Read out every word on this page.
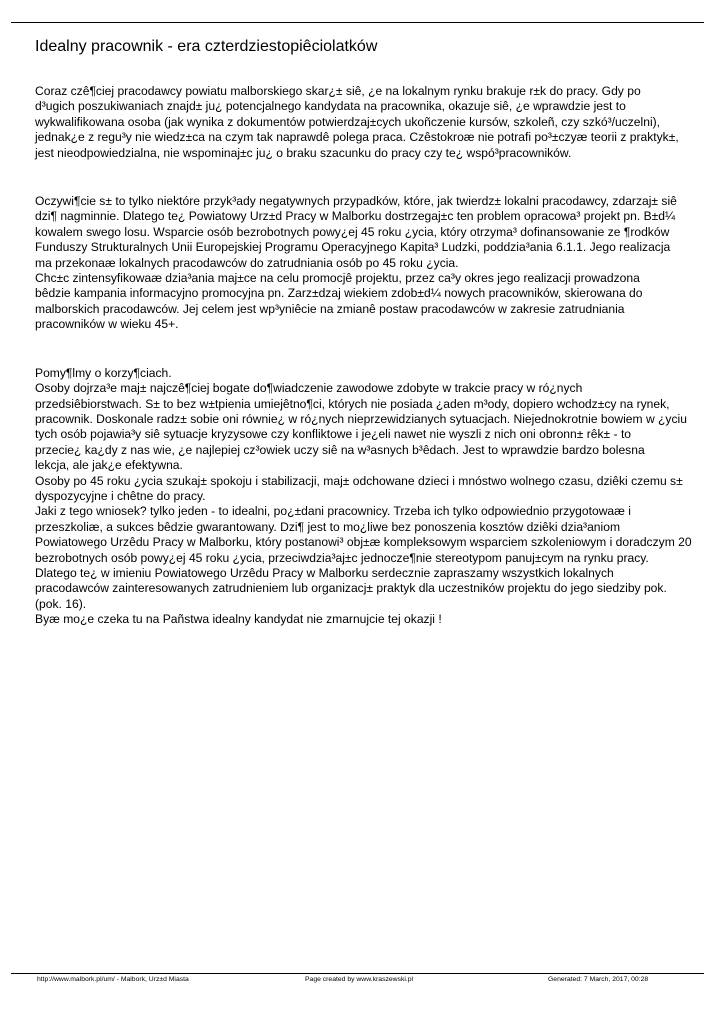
Idealny pracownik - era czterdziestopiêciolatków
Coraz czê¶ciej pracodawcy powiatu malborskiego skar¿± siê, ¿e na lokalnym rynku brakuje r±k do pracy. Gdy po
d³ugich poszukiwaniach znajd± ju¿ potencjalnego kandydata na pracownika, okazuje siê, ¿e wprawdzie jest to
wykwalifikowana osoba (jak wynika z dokumentów potwierdzaj±cych ukoñczenie kursów, szkoleñ, czy szkó³/uczelni),
jednak¿e z regu³y nie wiedz±ca na czym tak naprawdê polega praca. Czêstokroæ nie potrafi po³±czyæ teorii z praktyk±,
jest nieodpowiedzialna, nie wspominaj±c ju¿ o braku szacunku do pracy czy te¿ wspó³pracowników.
Oczywi¶cie s± to tylko niektóre przyk³ady negatywnych przypadków, które, jak twierdz± lokalni pracodawcy, zdarzaj± siê
dzi¶ nagminnie. Dlatego te¿ Powiatowy Urz±d Pracy w Malborku dostrzegaj±c ten problem opracowa³ projekt pn. B±d¼
kowalem swego losu. Wsparcie osób bezrobotnych powy¿ej 45 roku ¿ycia, który otrzyma³ dofinansowanie ze ¶rodków
Funduszy Strukturalnych Unii Europejskiej Programu Operacyjnego Kapita³ Ludzki, poddzia³ania 6.1.1. Jego realizacja
ma przekonaæ lokalnych pracodawców do zatrudniania osób po 45 roku ¿ycia.
Chc±c zintensyfikowaæ dzia³ania maj±ce na celu promocjê projektu, przez ca³y okres jego realizacji prowadzona
bêdzie kampania informacyjno promocyjna pn. Zarz±dzaj wiekiem zdob±d¼ nowych pracowników, skierowana do
malborskich pracodawców. Jej celem jest wp³yniêcie na zmianê postaw pracodawców w zakresie zatrudniania
pracowników w wieku 45+.
Pomy¶lmy o korzy¶ciach.
Osoby dojrza³e maj± najczê¶ciej bogate do¶wiadczenie zawodowe zdobyte w trakcie pracy w ró¿nych
przedsiêbiorstwach. S± to bez w±tpienia umiejêtno¶ci, których nie posiada ¿aden m³ody, dopiero wchodz±cy na rynek,
pracownik. Doskonale radz± sobie oni równie¿ w ró¿nych nieprzewidzianych sytuacjach. Niejednokrotnie bowiem w ¿yciu
tych osób pojawia³y siê sytuacje kryzysowe czy konfliktowe i je¿eli nawet nie wyszli z nich oni obronn± rêk± - to
przecie¿ ka¿dy z nas wie, ¿e najlepiej cz³owiek uczy siê na w³asnych b³êdach. Jest to wprawdzie bardzo bolesna
lekcja, ale jak¿e efektywna.
Osoby po 45 roku ¿ycia szukaj± spokoju i stabilizacji, maj± odchowane dzieci i mnóstwo wolnego czasu, dziêki czemu s±
dyspozycyjne i chêtne do pracy.
Jaki z tego wniosek? tylko jeden - to idealni, po¿±dani pracownicy. Trzeba ich tylko odpowiednio przygotowaæ i
przeszkoliæ, a sukces bêdzie gwarantowany. Dzi¶ jest to mo¿liwe bez ponoszenia kosztów dziêki dzia³aniom
Powiatowego Urzêdu Pracy w Malborku, który postanowi³ obj±æ kompleksowym wsparciem szkoleniowym i doradczym 20
bezrobotnych osób powy¿ej 45 roku ¿ycia, przeciwdzia³aj±c jednocze¶nie stereotypom panuj±cym na rynku pracy.
Dlatego te¿ w imieniu Powiatowego Urzêdu Pracy w Malborku serdecznie zapraszamy wszystkich lokalnych
pracodawców zainteresowanych zatrudnieniem lub organizacj± praktyk dla uczestników projektu do jego siedziby pok.
(pok. 16).
Byæ mo¿e czeka tu na Pañstwa idealny kandydat nie zmarnujcie tej okazji !
http://www.malbork.pl/um/ - Malbork, Urz±d Miasta	Page created by www.kraszewski.pl	Generated: 7 March, 2017, 00:28
